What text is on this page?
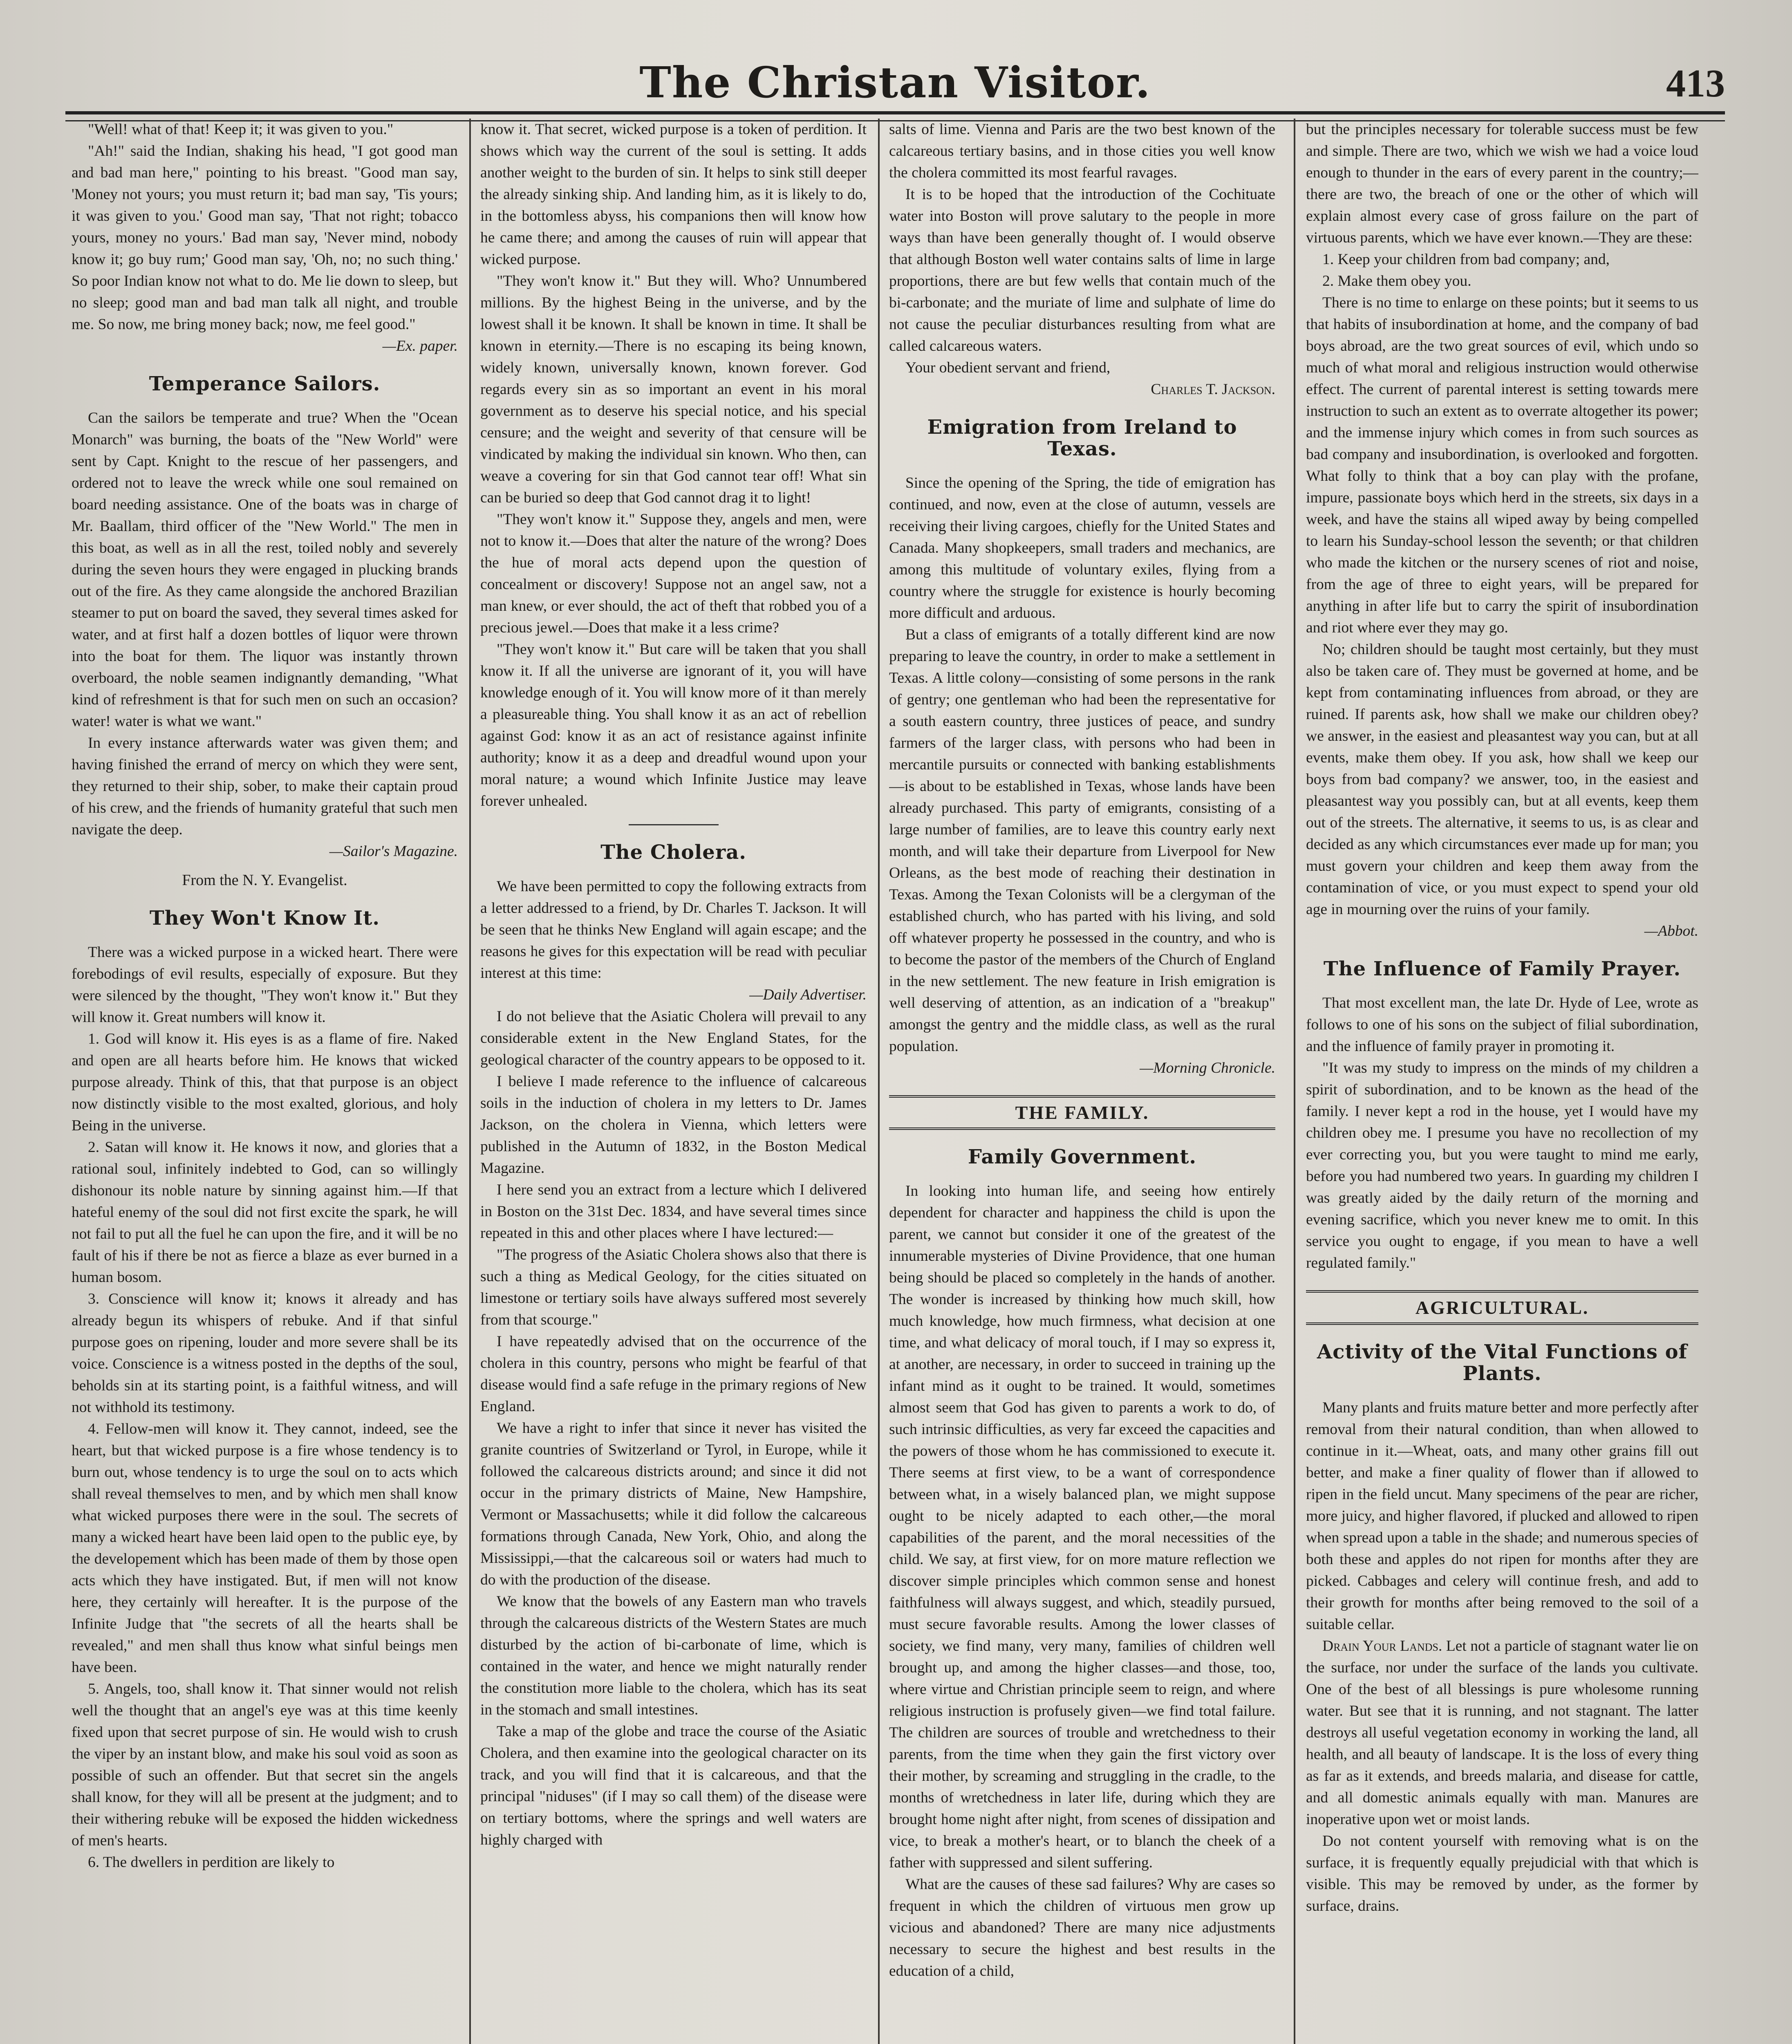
The Christan Visitor.	413

"Well! what of that! Keep it; it was given to you."

"Ah!" said the Indian, shaking his head, "I got good man and bad man here," pointing to his breast. "Good man say, 'Money not yours; you must return it; bad man say, 'Tis yours; it was given to you.' Good man say, 'That not right; tobacco yours, money no yours.' Bad man say, 'Never mind, nobody know it; go buy rum;' Good man say, 'Oh, no; no such thing.' So poor Indian know not what to do. Me lie down to sleep, but no sleep; good man and bad man talk all night, and trouble me. So now, me bring money back; now, me feel good."

—Ex. paper.

Temperance Sailors.

Can the sailors be temperate and true? When the "Ocean Monarch" was burning, the boats of the "New World" were sent by Capt. Knight to the rescue of her passengers, and ordered not to leave the wreck while one soul remained on board needing assistance. One of the boats was in charge of Mr. Baallam, third officer of the "New World." The men in this boat, as well as in all the rest, toiled nobly and severely during the seven hours they were engaged in plucking brands out of the fire. As they came alongside the anchored Brazilian steamer to put on board the saved, they several times asked for water, and at first half a dozen bottles of liquor were thrown into the boat for them. The liquor was instantly thrown overboard, the noble seamen indignantly demanding, "What kind of refreshment is that for such men on such an occasion? water! water is what we want."

In every instance afterwards water was given them; and having finished the errand of mercy on which they were sent, they returned to their ship, sober, to make their captain proud of his crew, and the friends of humanity grateful that such men navigate the deep.

—Sailor's Magazine.

From the N. Y. Evangelist.
They Won't Know It.

There was a wicked purpose in a wicked heart. There were forebodings of evil results, especially of exposure. But they were silenced by the thought, "They won't know it." But they will know it. Great numbers will know it.

1. God will know it. His eyes is as a flame of fire. Naked and open are all hearts before him. He knows that wicked purpose already. Think of this, that that purpose is an object now distinctly visible to the most exalted, glorious, and holy Being in the universe.

2. Satan will know it. He knows it now, and glories that a rational soul, infinitely indebted to God, can so willingly dishonour its noble nature by sinning against him.—If that hateful enemy of the soul did not first excite the spark, he will not fail to put all the fuel he can upon the fire, and it will be no fault of his if there be not as fierce a blaze as ever burned in a human bosom.

3. Conscience will know it; knows it already and has already begun its whispers of rebuke. And if that sinful purpose goes on ripening, louder and more severe shall be its voice. Conscience is a witness posted in the depths of the soul, beholds sin at its starting point, is a faithful witness, and will not withhold its testimony.

4. Fellow-men will know it. They cannot, indeed, see the heart, but that wicked purpose is a fire whose tendency is to burn out, whose tendency is to urge the soul on to acts which shall reveal themselves to men, and by which men shall know what wicked purposes there were in the soul. The secrets of many a wicked heart have been laid open to the public eye, by the developement which has been made of them by those open acts which they have instigated. But, if men will not know here, they certainly will hereafter. It is the purpose of the Infinite Judge that "the secrets of all the hearts shall be revealed," and men shall thus know what sinful beings men have been.

5. Angels, too, shall know it. That sinner would not relish well the thought that an angel's eye was at this time keenly fixed upon that secret purpose of sin. He would wish to crush the viper by an instant blow, and make his soul void as soon as possible of such an offender. But that secret sin the angels shall know, for they will all be present at the judgment; and to their withering rebuke will be exposed the hidden wickedness of men's hearts.

6. The dwellers in perdition are likely to

know it. That secret, wicked purpose is a token of perdition. It shows which way the current of the soul is setting. It adds another weight to the burden of sin. It helps to sink still deeper the already sinking ship. And landing him, as it is likely to do, in the bottomless abyss, his companions then will know how he came there; and among the causes of ruin will appear that wicked purpose.

"They won't know it." But they will. Who? Unnumbered millions. By the highest Being in the universe, and by the lowest shall it be known. It shall be known in time. It shall be known in eternity.—There is no escaping its being known, widely known, universally known, known forever. God regards every sin as so important an event in his moral government as to deserve his special notice, and his special censure; and the weight and severity of that censure will be vindicated by making the individual sin known. Who then, can weave a covering for sin that God cannot tear off! What sin can be buried so deep that God cannot drag it to light!

"They won't know it." Suppose they, angels and men, were not to know it.—Does that alter the nature of the wrong? Does the hue of moral acts depend upon the question of concealment or discovery! Suppose not an angel saw, not a man knew, or ever should, the act of theft that robbed you of a precious jewel.—Does that make it a less crime?

"They won't know it." But care will be taken that you shall know it. If all the universe are ignorant of it, you will have knowledge enough of it. You will know more of it than merely a pleasureable thing. You shall know it as an act of rebellion against God: know it as an act of resistance against infinite authority; know it as a deep and dreadful wound upon your moral nature; a wound which Infinite Justice may leave forever unhealed.

The Cholera.

We have been permitted to copy the following extracts from a letter addressed to a friend, by Dr. Charles T. Jackson. It will be seen that he thinks New England will again escape; and the reasons he gives for this expectation will be read with peculiar interest at this time:

—Daily Advertiser.

I do not believe that the Asiatic Cholera will prevail to any considerable extent in the New England States, for the geological character of the country appears to be opposed to it.

I believe I made reference to the influence of calcareous soils in the induction of cholera in my letters to Dr. James Jackson, on the cholera in Vienna, which letters were published in the Autumn of 1832, in the Boston Medical Magazine.

I here send you an extract from a lecture which I delivered in Boston on the 31st Dec. 1834, and have several times since repeated in this and other places where I have lectured:—

"The progress of the Asiatic Cholera shows also that there is such a thing as Medical Geology, for the cities situated on limestone or tertiary soils have always suffered most severely from that scourge."

I have repeatedly advised that on the occurrence of the cholera in this country, persons who might be fearful of that disease would find a safe refuge in the primary regions of New England.

We have a right to infer that since it never has visited the granite countries of Switzerland or Tyrol, in Europe, while it followed the calcareous districts around; and since it did not occur in the primary districts of Maine, New Hampshire, Vermont or Massachusetts; while it did follow the calcareous formations through Canada, New York, Ohio, and along the Mississippi,—that the calcareous soil or waters had much to do with the production of the disease.

We know that the bowels of any Eastern man who travels through the calcareous districts of the Western States are much disturbed by the action of bi-carbonate of lime, which is contained in the water, and hence we might naturally render the constitution more liable to the cholera, which has its seat in the stomach and small intestines.

Take a map of the globe and trace the course of the Asiatic Cholera, and then examine into the geological character on its track, and you will find that it is calcareous, and that the principal "niduses" (if I may so call them) of the disease were on tertiary bottoms, where the springs and well waters are highly charged with

salts of lime. Vienna and Paris are the two best known of the calcareous tertiary basins, and in those cities you well know the cholera committed its most fearful ravages.

It is to be hoped that the introduction of the Cochituate water into Boston will prove salutary to the people in more ways than have been generally thought of. I would observe that although Boston well water contains salts of lime in large proportions, there are but few wells that contain much of the bi-carbonate; and the muriate of lime and sulphate of lime do not cause the peculiar disturbances resulting from what are called calcareous waters.

Your obedient servant and friend,

Charles T. Jackson.

Emigration from Ireland to Texas.

Since the opening of the Spring, the tide of emigration has continued, and now, even at the close of autumn, vessels are receiving their living cargoes, chiefly for the United States and Canada. Many shopkeepers, small traders and mechanics, are among this multitude of voluntary exiles, flying from a country where the struggle for existence is hourly becoming more difficult and arduous.

But a class of emigrants of a totally different kind are now preparing to leave the country, in order to make a settlement in Texas. A little colony—consisting of some persons in the rank of gentry; one gentleman who had been the representative for a south eastern country, three justices of peace, and sundry farmers of the larger class, with persons who had been in mercantile pursuits or connected with banking establishments—is about to be established in Texas, whose lands have been already purchased. This party of emigrants, consisting of a large number of families, are to leave this country early next month, and will take their departure from Liverpool for New Orleans, as the best mode of reaching their destination in Texas. Among the Texan Colonists will be a clergyman of the established church, who has parted with his living, and sold off whatever property he possessed in the country, and who is to become the pastor of the members of the Church of England in the new settlement. The new feature in Irish emigration is well deserving of attention, as an indication of a "breakup" amongst the gentry and the middle class, as well as the rural population.

—Morning Chronicle.

THE FAMILY.
Family Government.

In looking into human life, and seeing how entirely dependent for character and happiness the child is upon the parent, we cannot but consider it one of the greatest of the innumerable mysteries of Divine Providence, that one human being should be placed so completely in the hands of another. The wonder is increased by thinking how much skill, how much knowledge, how much firmness, what decision at one time, and what delicacy of moral touch, if I may so express it, at another, are necessary, in order to succeed in training up the infant mind as it ought to be trained. It would, sometimes almost seem that God has given to parents a work to do, of such intrinsic difficulties, as very far exceed the capacities and the powers of those whom he has commissioned to execute it. There seems at first view, to be a want of correspondence between what, in a wisely balanced plan, we might suppose ought to be nicely adapted to each other,—the moral capabilities of the parent, and the moral necessities of the child. We say, at first view, for on more mature reflection we discover simple principles which common sense and honest faithfulness will always suggest, and which, steadily pursued, must secure favorable results. Among the lower classes of society, we find many, very many, families of children well brought up, and among the higher classes—and those, too, where virtue and Christian principle seem to reign, and where religious instruction is profusely given—we find total failure. The children are sources of trouble and wretchedness to their parents, from the time when they gain the first victory over their mother, by screaming and struggling in the cradle, to the months of wretchedness in later life, during which they are brought home night after night, from scenes of dissipation and vice, to break a mother's heart, or to blanch the cheek of a father with suppressed and silent suffering.

What are the causes of these sad failures? Why are cases so frequent in which the children of virtuous men grow up vicious and abandoned? There are many nice adjustments necessary to secure the highest and best results in the education of a child,

but the principles necessary for tolerable success must be few and simple. There are two, which we wish we had a voice loud enough to thunder in the ears of every parent in the country;—there are two, the breach of one or the other of which will explain almost every case of gross failure on the part of virtuous parents, which we have ever known.—They are these:

1. Keep your children from bad company; and,

2. Make them obey you.

There is no time to enlarge on these points; but it seems to us that habits of insubordination at home, and the company of bad boys abroad, are the two great sources of evil, which undo so much of what moral and religious instruction would otherwise effect. The current of parental interest is setting towards mere instruction to such an extent as to overrate altogether its power; and the immense injury which comes in from such sources as bad company and insubordination, is overlooked and forgotten. What folly to think that a boy can play with the profane, impure, passionate boys which herd in the streets, six days in a week, and have the stains all wiped away by being compelled to learn his Sunday-school lesson the seventh; or that children who made the kitchen or the nursery scenes of riot and noise, from the age of three to eight years, will be prepared for anything in after life but to carry the spirit of insubordination and riot where ever they may go.

No; children should be taught most certainly, but they must also be taken care of. They must be governed at home, and be kept from contaminating influences from abroad, or they are ruined. If parents ask, how shall we make our children obey? we answer, in the easiest and pleasantest way you can, but at all events, make them obey. If you ask, how shall we keep our boys from bad company? we answer, too, in the easiest and pleasantest way you possibly can, but at all events, keep them out of the streets. The alternative, it seems to us, is as clear and decided as any which circumstances ever made up for man; you must govern your children and keep them away from the contamination of vice, or you must expect to spend your old age in mourning over the ruins of your family.

—Abbot.

The Influence of Family Prayer.

That most excellent man, the late Dr. Hyde of Lee, wrote as follows to one of his sons on the subject of filial subordination, and the influence of family prayer in promoting it.

"It was my study to impress on the minds of my children a spirit of subordination, and to be known as the head of the family. I never kept a rod in the house, yet I would have my children obey me. I presume you have no recollection of my ever correcting you, but you were taught to mind me early, before you had numbered two years. In guarding my children I was greatly aided by the daily return of the morning and evening sacrifice, which you never knew me to omit. In this service you ought to engage, if you mean to have a well regulated family."

AGRICULTURAL.
Activity of the Vital Functions of Plants.

Many plants and fruits mature better and more perfectly after removal from their natural condition, than when allowed to continue in it.—Wheat, oats, and many other grains fill out better, and make a finer quality of flower than if allowed to ripen in the field uncut. Many specimens of the pear are richer, more juicy, and higher flavored, if plucked and allowed to ripen when spread upon a table in the shade; and numerous species of both these and apples do not ripen for months after they are picked. Cabbages and celery will continue fresh, and add to their growth for months after being removed to the soil of a suitable cellar.

Drain Your Lands. Let not a particle of stagnant water lie on the surface, nor under the surface of the lands you cultivate. One of the best of all blessings is pure wholesome running water. But see that it is running, and not stagnant. The latter destroys all useful vegetation economy in working the land, all health, and all beauty of landscape. It is the loss of every thing as far as it extends, and breeds malaria, and disease for cattle, and all domestic animals equally with man. Manures are inoperative upon wet or moist lands.

Do not content yourself with removing what is on the surface, it is frequently equally prejudicial with that which is visible. This may be removed by under, as the former by surface, drains.
